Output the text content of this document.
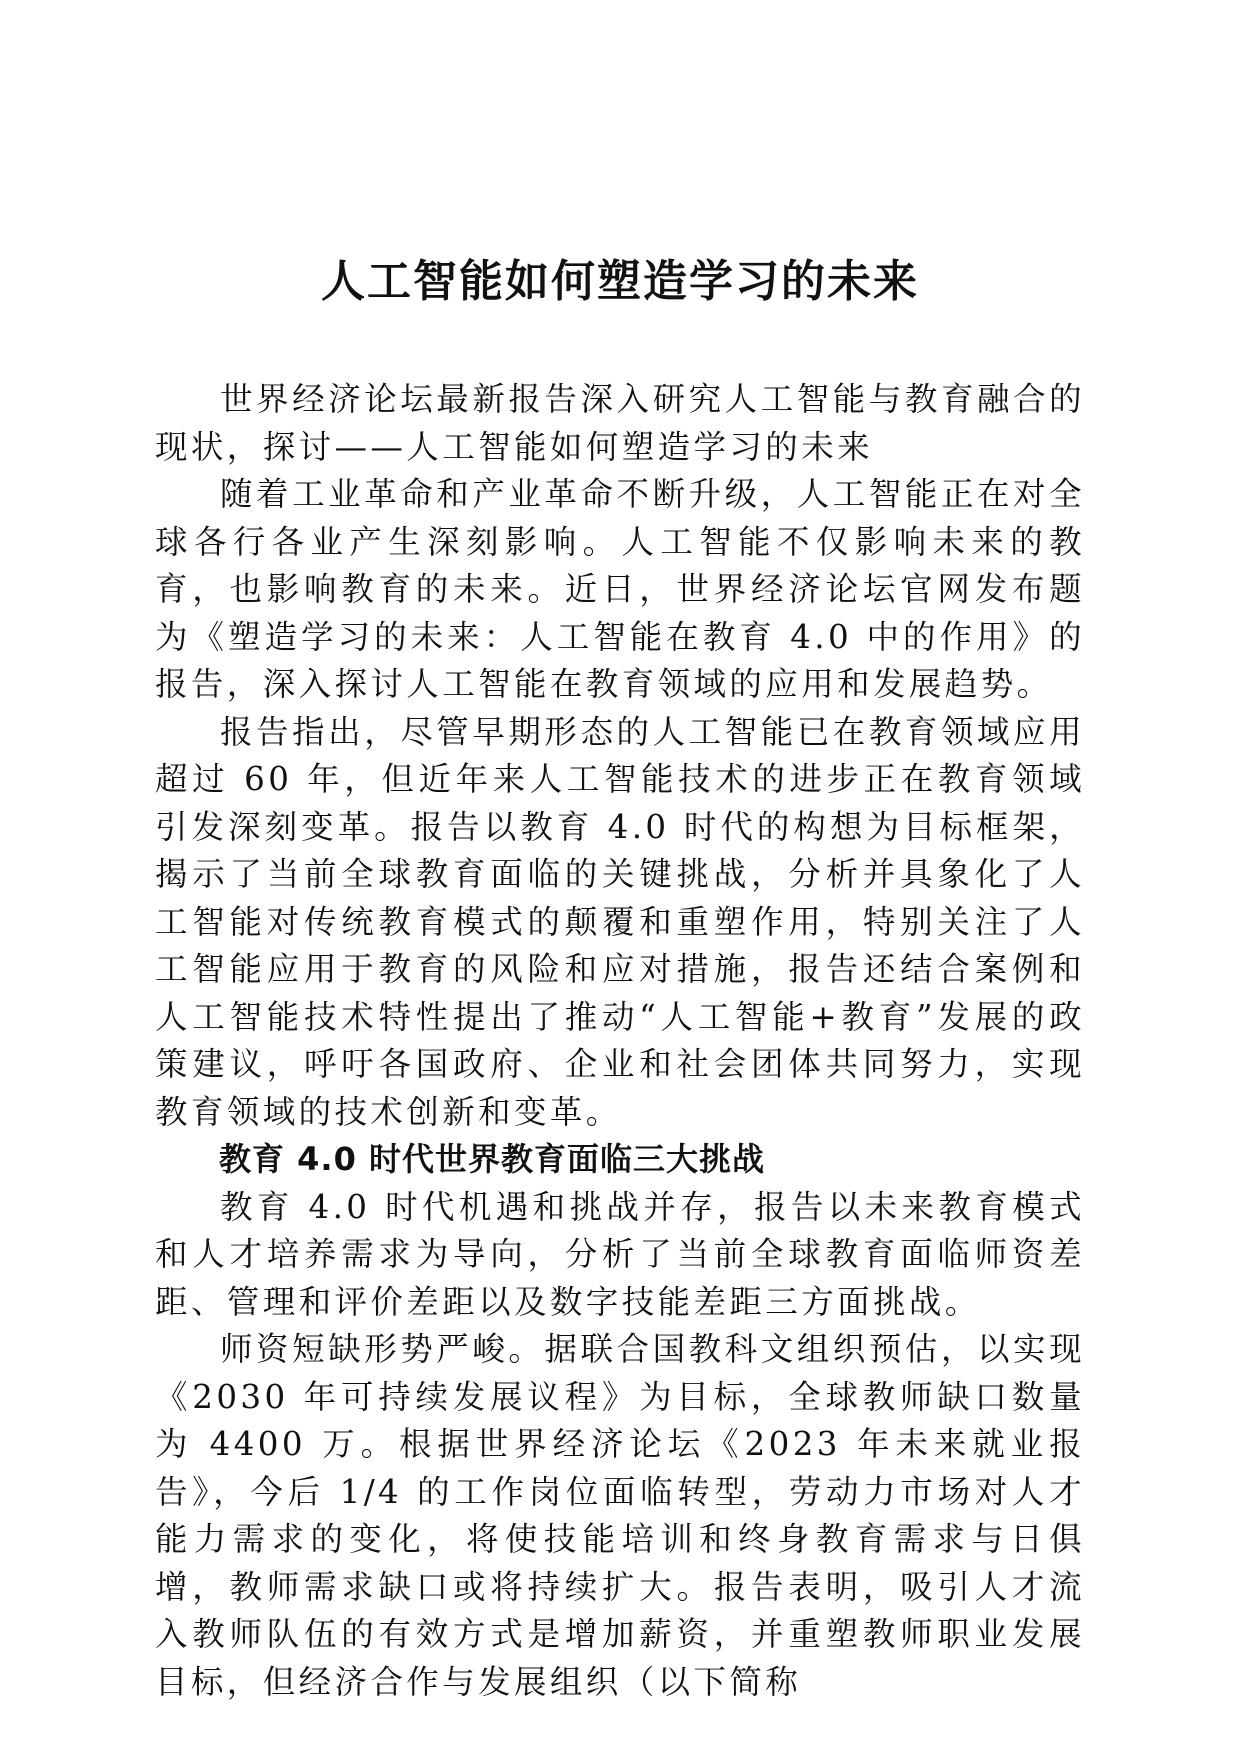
人工智能如何塑造学习的未来

世界经济论坛最新报告深入研究人工智能与教育融合的现状，探讨——人工智能如何塑造学习的未来

随着工业革命和产业革命不断升级，人工智能正在对全球各行各业产生深刻影响。人工智能不仅影响未来的教育，也影响教育的未来。近日，世界经济论坛官网发布题为《塑造学习的未来：人工智能在教育 4.0 中的作用》的报告，深入探讨人工智能在教育领域的应用和发展趋势。

报告指出，尽管早期形态的人工智能已在教育领域应用超过 60 年，但近年来人工智能技术的进步正在教育领域引发深刻变革。报告以教育 4.0 时代的构想为目标框架，揭示了当前全球教育面临的关键挑战，分析并具象化了人工智能对传统教育模式的颠覆和重塑作用，特别关注了人工智能应用于教育的风险和应对措施，报告还结合案例和人工智能技术特性提出了推动“人工智能+教育”发展的政策建议，呼吁各国政府、企业和社会团体共同努力，实现教育领域的技术创新和变革。

教育 4.0 时代世界教育面临三大挑战

教育 4.0 时代机遇和挑战并存，报告以未来教育模式和人才培养需求为导向，分析了当前全球教育面临师资差距、管理和评价差距以及数字技能差距三方面挑战。

师资短缺形势严峻。据联合国教科文组织预估，以实现《2030 年可持续发展议程》为目标，全球教师缺口数量为 4400 万。根据世界经济论坛《2023 年未来就业报告》，今后 1/4 的工作岗位面临转型，劳动力市场对人才能力需求的变化，将使技能培训和终身教育需求与日俱增，教师需求缺口或将持续扩大。报告表明，吸引人才流入教师队伍的有效方式是增加薪资，并重塑教师职业发展目标，但经济合作与发展组织（以下简称
